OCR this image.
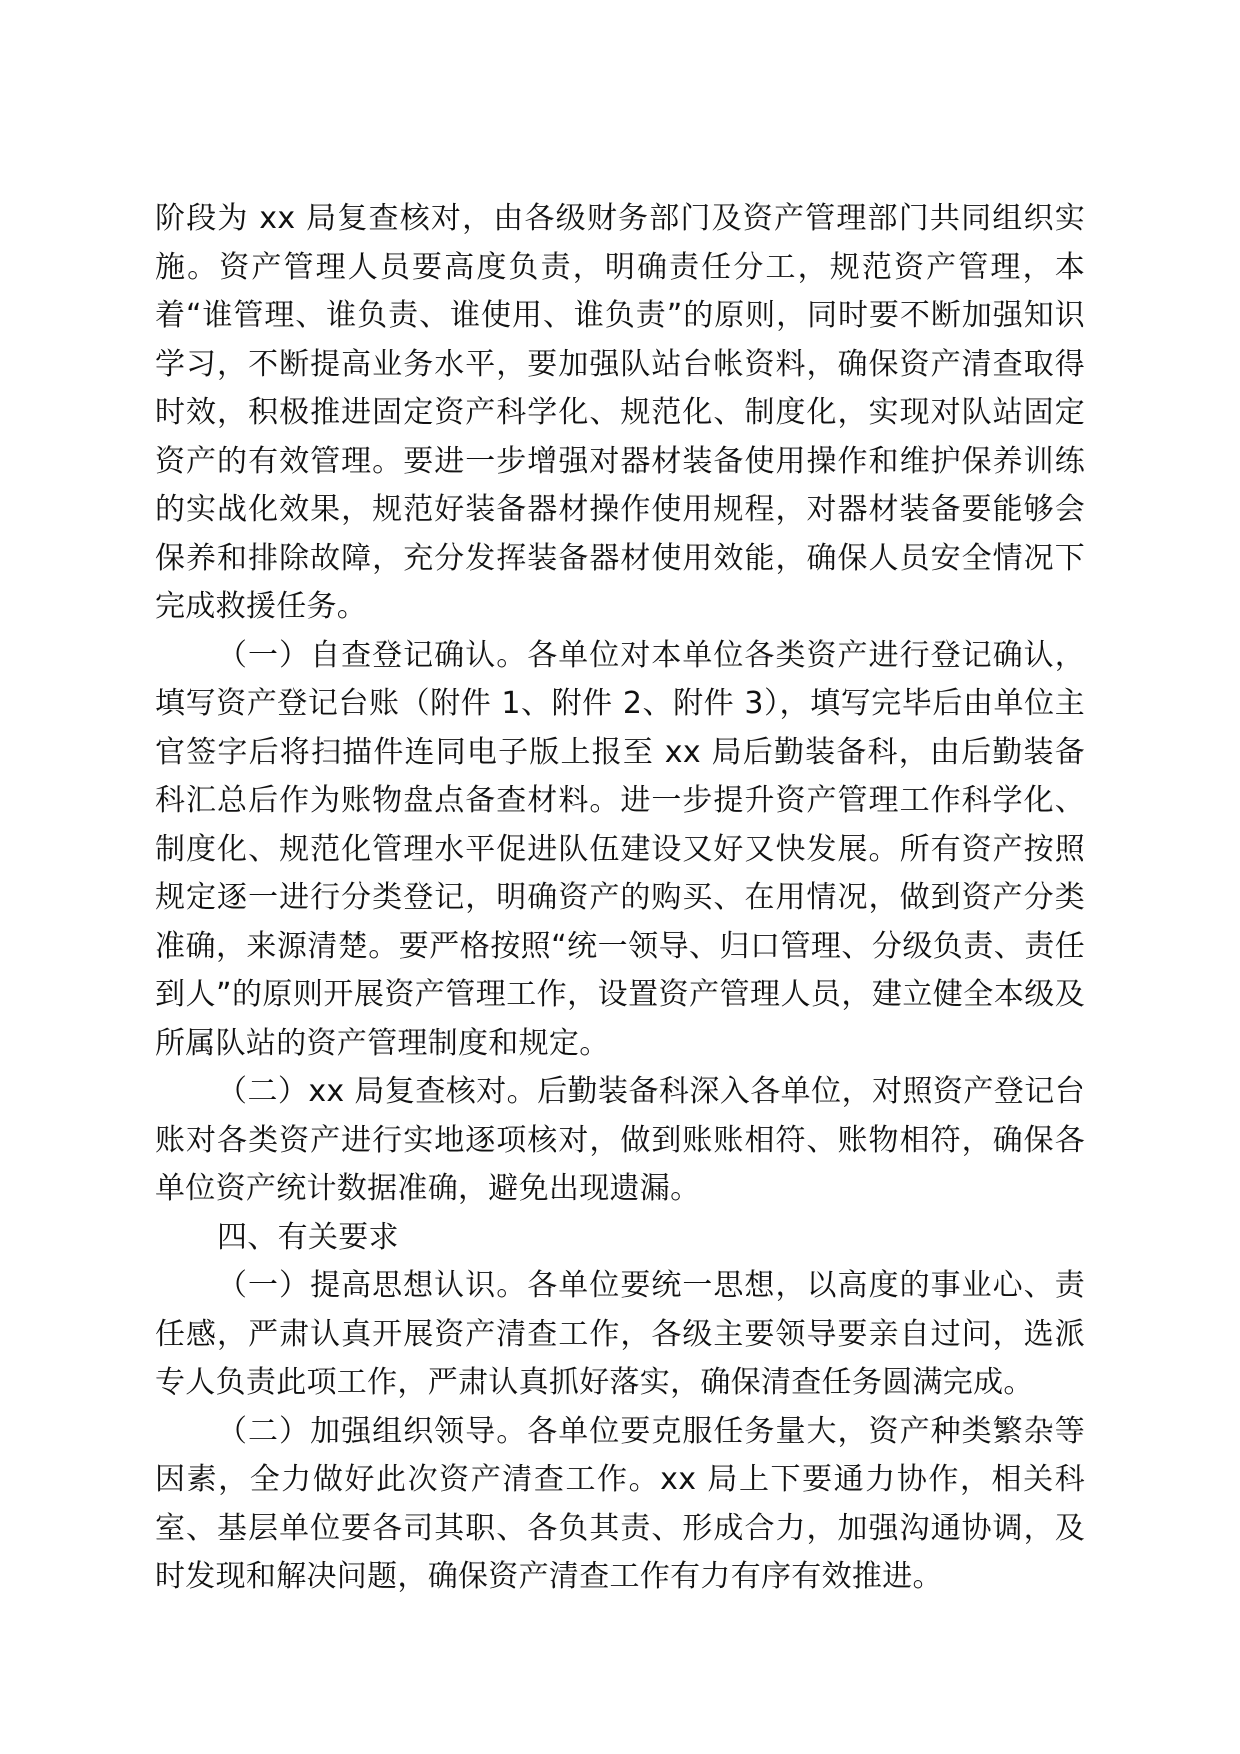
阶段为 xx 局复查核对，由各级财务部门及资产管理部门共同组织实施。资产管理人员要高度负责，明确责任分工，规范资产管理，本着“谁管理、谁负责、谁使用、谁负责”的原则，同时要不断加强知识学习，不断提高业务水平，要加强队站台帐资料，确保资产清查取得时效，积极推进固定资产科学化、规范化、制度化，实现对队站固定资产的有效管理。要进一步增强对器材装备使用操作和维护保养训练的实战化效果，规范好装备器材操作使用规程，对器材装备要能够会保养和排除故障，充分发挥装备器材使用效能，确保人员安全情况下完成救援任务。

（一）自查登记确认。各单位对本单位各类资产进行登记确认，填写资产登记台账（附件 1、附件 2、附件 3），填写完毕后由单位主官签字后将扫描件连同电子版上报至 xx 局后勤装备科，由后勤装备科汇总后作为账物盘点备查材料。进一步提升资产管理工作科学化、制度化、规范化管理水平促进队伍建设又好又快发展。所有资产按照规定逐一进行分类登记，明确资产的购买、在用情况，做到资产分类准确，来源清楚。要严格按照“统一领导、归口管理、分级负责、责任到人”的原则开展资产管理工作，设置资产管理人员，建立健全本级及所属队站的资产管理制度和规定。

（二）xx 局复查核对。后勤装备科深入各单位，对照资产登记台账对各类资产进行实地逐项核对，做到账账相符、账物相符，确保各单位资产统计数据准确，避免出现遗漏。

四、有关要求

（一）提高思想认识。各单位要统一思想，以高度的事业心、责任感，严肃认真开展资产清查工作，各级主要领导要亲自过问，选派专人负责此项工作，严肃认真抓好落实，确保清查任务圆满完成。

（二）加强组织领导。各单位要克服任务量大，资产种类繁杂等因素，全力做好此次资产清查工作。xx 局上下要通力协作，相关科室、基层单位要各司其职、各负其责、形成合力，加强沟通协调，及时发现和解决问题，确保资产清查工作有力有序有效推进。
